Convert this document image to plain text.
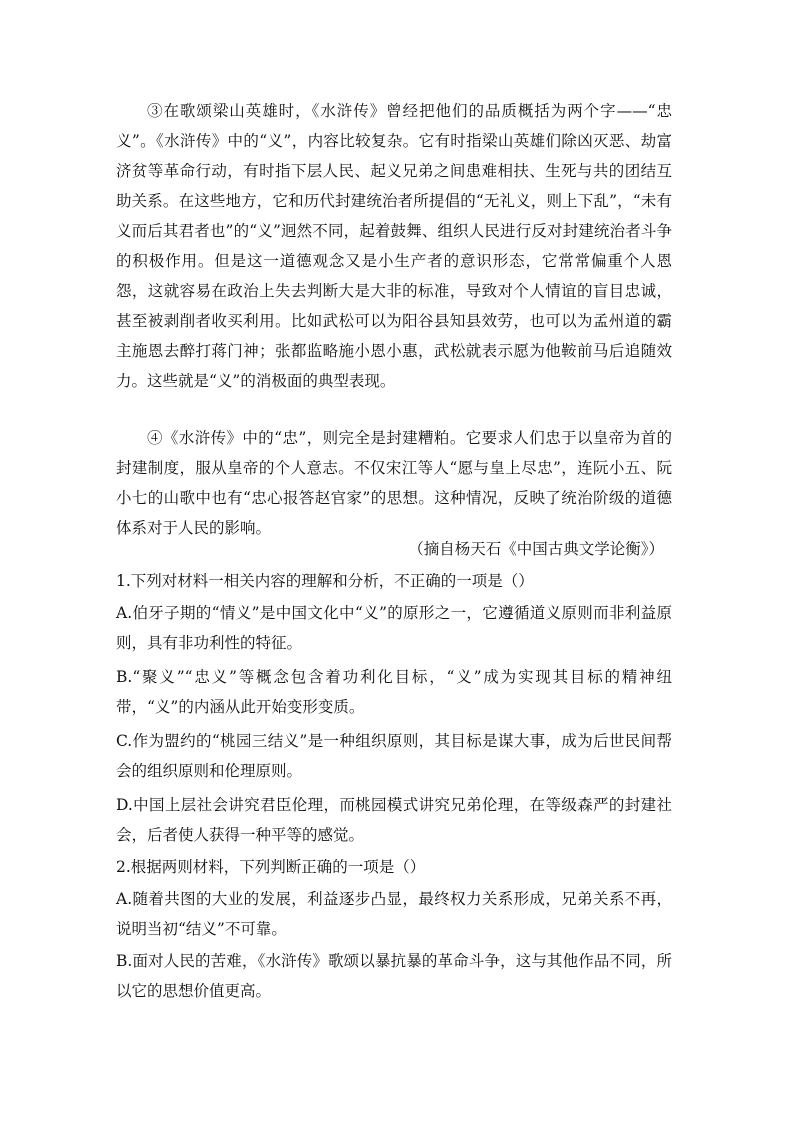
③在歌颂梁山英雄时，《水浒传》曾经把他们的品质概括为两个字——“忠义”。《水浒传》中的“义”，内容比较复杂。它有时指梁山英雄们除凶灭恶、劫富济贫等革命行动，有时指下层人民、起义兄弟之间患难相扶、生死与共的团结互助关系。在这些地方，它和历代封建统治者所提倡的“无礼义，则上下乱”，“未有义而后其君者也”的“义”迥然不同，起着鼓舞、组织人民进行反对封建统治者斗争的积极作用。但是这一道德观念又是小生产者的意识形态，它常常偏重个人恩怨，这就容易在政治上失去判断大是大非的标准，导致对个人情谊的盲目忠诚，甚至被剥削者收买利用。比如武松可以为阳谷县知县效劳，也可以为孟州道的霸主施恩去醉打蒋门神；张都监略施小恩小惠，武松就表示愿为他鞍前马后追随效力。这些就是“义”的消极面的典型表现。

④《水浒传》中的“忠”，则完全是封建糟粕。它要求人们忠于以皇帝为首的封建制度，服从皇帝的个人意志。不仅宋江等人“愿与皇上尽忠”，连阮小五、阮小七的山歌中也有“忠心报答赵官家”的思想。这种情况，反映了统治阶级的道德体系对于人民的影响。

（摘自杨天石《中国古典文学论衡》）

1.下列对材料一相关内容的理解和分析，不正确的一项是（）

A.伯牙子期的“情义”是中国文化中“义”的原形之一，它遵循道义原则而非利益原则，具有非功利性的特征。

B.“聚义”“忠义”等概念包含着功利化目标，“义”成为实现其目标的精神纽带，“义”的内涵从此开始变形变质。

C.作为盟约的“桃园三结义”是一种组织原则，其目标是谋大事，成为后世民间帮会的组织原则和伦理原则。

D.中国上层社会讲究君臣伦理，而桃园模式讲究兄弟伦理，在等级森严的封建社会，后者使人获得一种平等的感觉。

2.根据两则材料，下列判断正确的一项是（）

A.随着共图的大业的发展，利益逐步凸显，最终权力关系形成，兄弟关系不再，说明当初“结义”不可靠。

B.面对人民的苦难，《水浒传》歌颂以暴抗暴的革命斗争，这与其他作品不同，所以它的思想价值更高。
